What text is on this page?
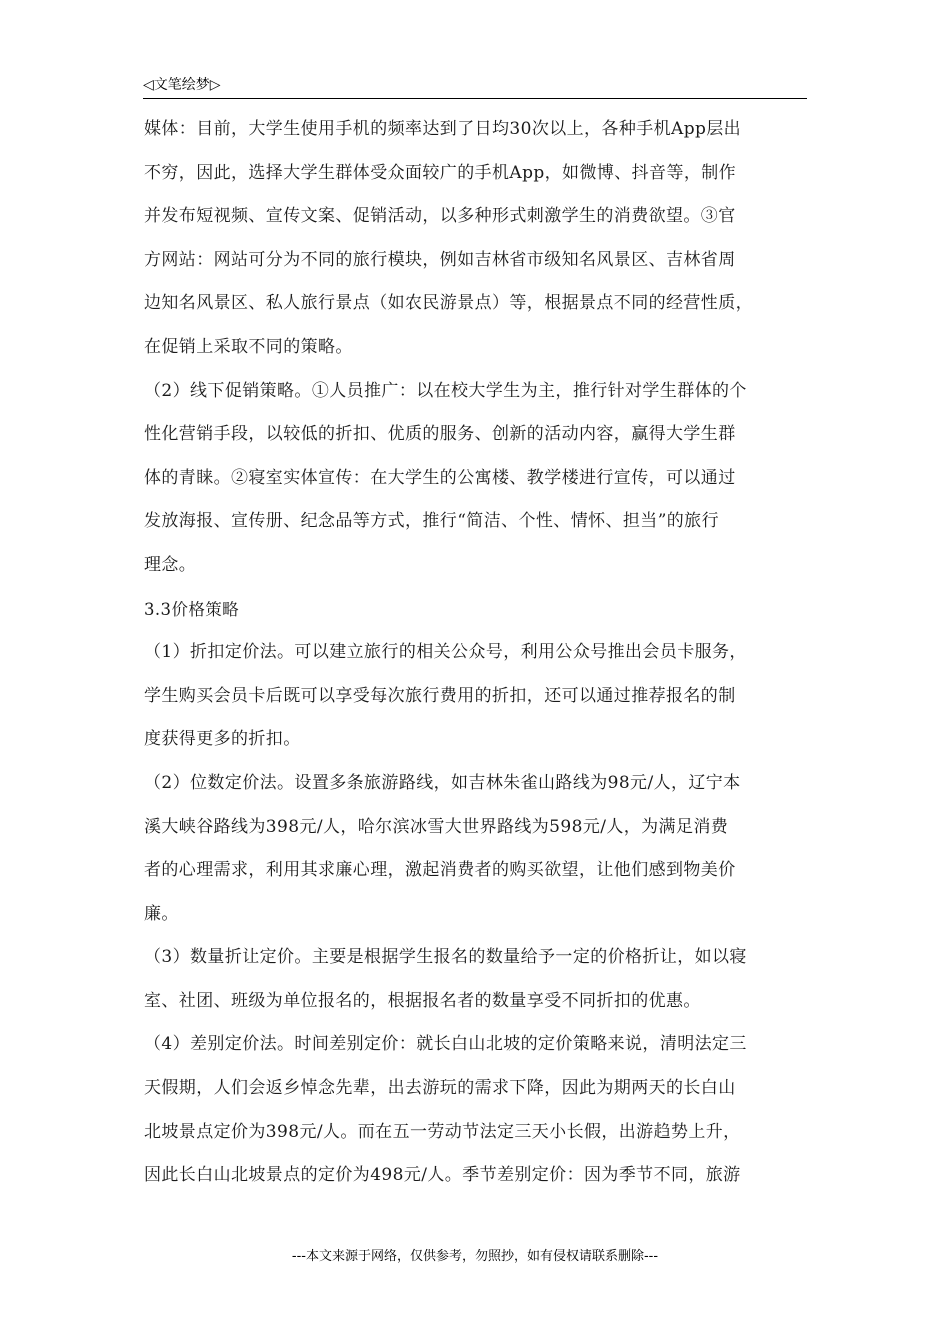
◁文笔绘梦▷
媒体：目前，大学生使用手机的频率达到了日均30次以上，各种手机App层出
不穷，因此，选择大学生群体受众面较广的手机App，如微博、抖音等，制作
并发布短视频、宣传文案、促销活动，以多种形式刺激学生的消费欲望。③官
方网站：网站可分为不同的旅行模块，例如吉林省市级知名风景区、吉林省周
边知名风景区、私人旅行景点（如农民游景点）等，根据景点不同的经营性质，
在促销上采取不同的策略。
（2）线下促销策略。①人员推广：以在校大学生为主，推行针对学生群体的个
性化营销手段，以较低的折扣、优质的服务、创新的活动内容，赢得大学生群
体的青睐。②寝室实体宣传：在大学生的公寓楼、教学楼进行宣传，可以通过
发放海报、宣传册、纪念品等方式，推行“简洁、个性、情怀、担当”的旅行
理念。
3.3价格策略
（1）折扣定价法。可以建立旅行的相关公众号，利用公众号推出会员卡服务，
学生购买会员卡后既可以享受每次旅行费用的折扣，还可以通过推荐报名的制
度获得更多的折扣。
（2）位数定价法。设置多条旅游路线，如吉林朱雀山路线为98元/人，辽宁本
溪大峡谷路线为398元/人，哈尔滨冰雪大世界路线为598元/人，为满足消费
者的心理需求，利用其求廉心理，激起消费者的购买欲望，让他们感到物美价
廉。
（3）数量折让定价。主要是根据学生报名的数量给予一定的价格折让，如以寝
室、社团、班级为单位报名的，根据报名者的数量享受不同折扣的优惠。
（4）差别定价法。时间差别定价：就长白山北坡的定价策略来说，清明法定三
天假期，人们会返乡悼念先辈，出去游玩的需求下降，因此为期两天的长白山
北坡景点定价为398元/人。而在五一劳动节法定三天小长假，出游趋势上升，
因此长白山北坡景点的定价为498元/人。季节差别定价：因为季节不同，旅游
---本文来源于网络，仅供参考，勿照抄，如有侵权请联系删除---
